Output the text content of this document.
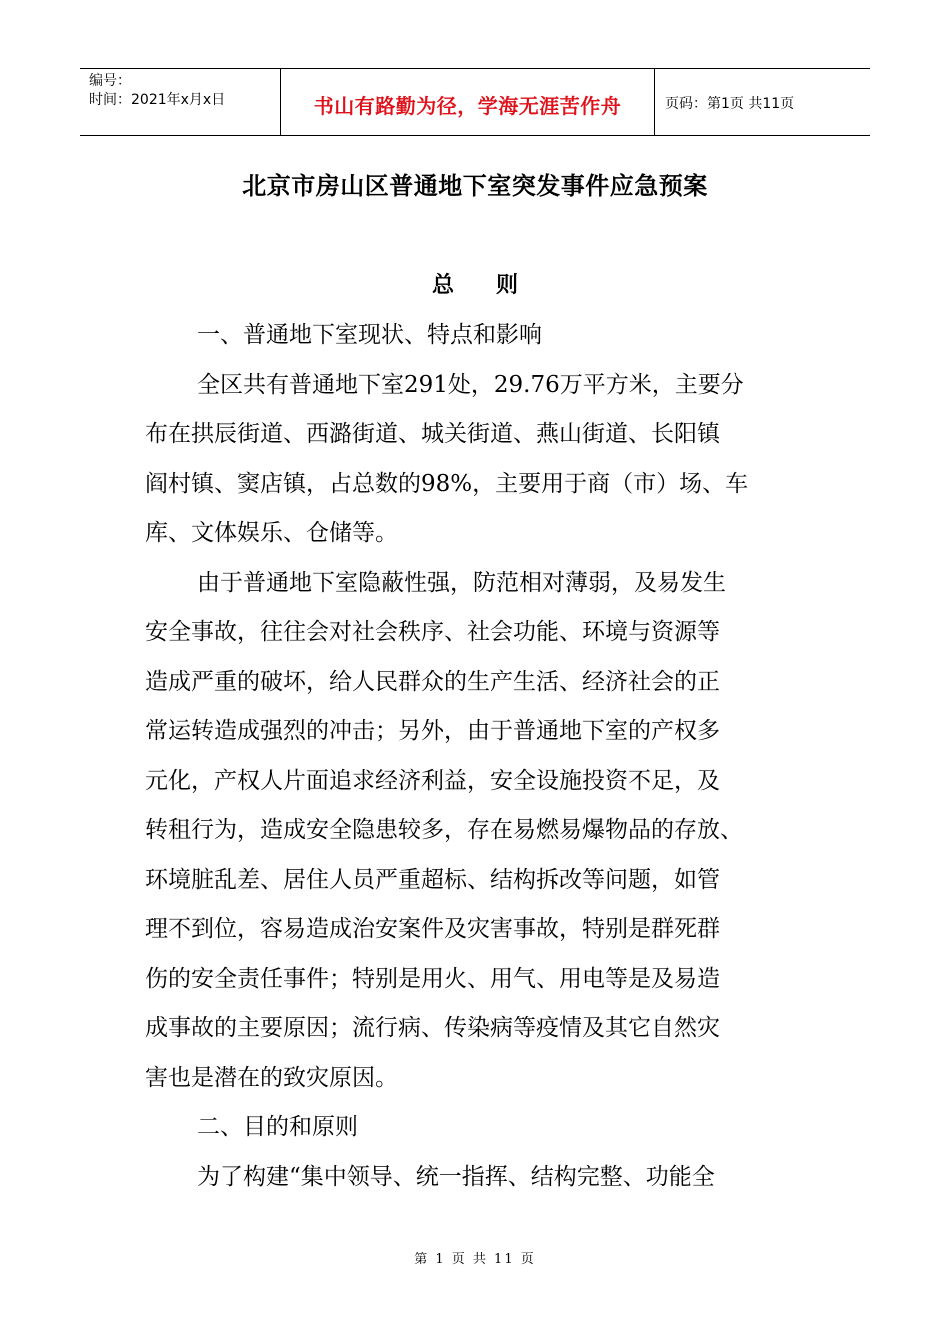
编号：
时间：2021年x月x日	书山有路勤为径，学海无涯苦作舟	页码：第1页 共11页
北京市房山区普通地下室突发事件应急预案
总则
一、普通地下室现状、特点和影响
全区共有普通地下室291处，29.76万平方米，主要分
布在拱辰街道、西潞街道、城关街道、燕山街道、长阳镇
阎村镇、窦店镇，占总数的98%，主要用于商（市）场、车
库、文体娱乐、仓储等。
由于普通地下室隐蔽性强，防范相对薄弱，及易发生
安全事故，往往会对社会秩序、社会功能、环境与资源等
造成严重的破坏，给人民群众的生产生活、经济社会的正
常运转造成强烈的冲击；另外，由于普通地下室的产权多
元化，产权人片面追求经济利益，安全设施投资不足，及
转租行为，造成安全隐患较多，存在易燃易爆物品的存放、
环境脏乱差、居住人员严重超标、结构拆改等问题，如管
理不到位，容易造成治安案件及灾害事故，特别是群死群
伤的安全责任事件；特别是用火、用气、用电等是及易造
成事故的主要原因；流行病、传染病等疫情及其它自然灾
害也是潜在的致灾原因。
二、目的和原则
为了构建“集中领导、统一指挥、结构完整、功能全
第 1 页 共 11 页
